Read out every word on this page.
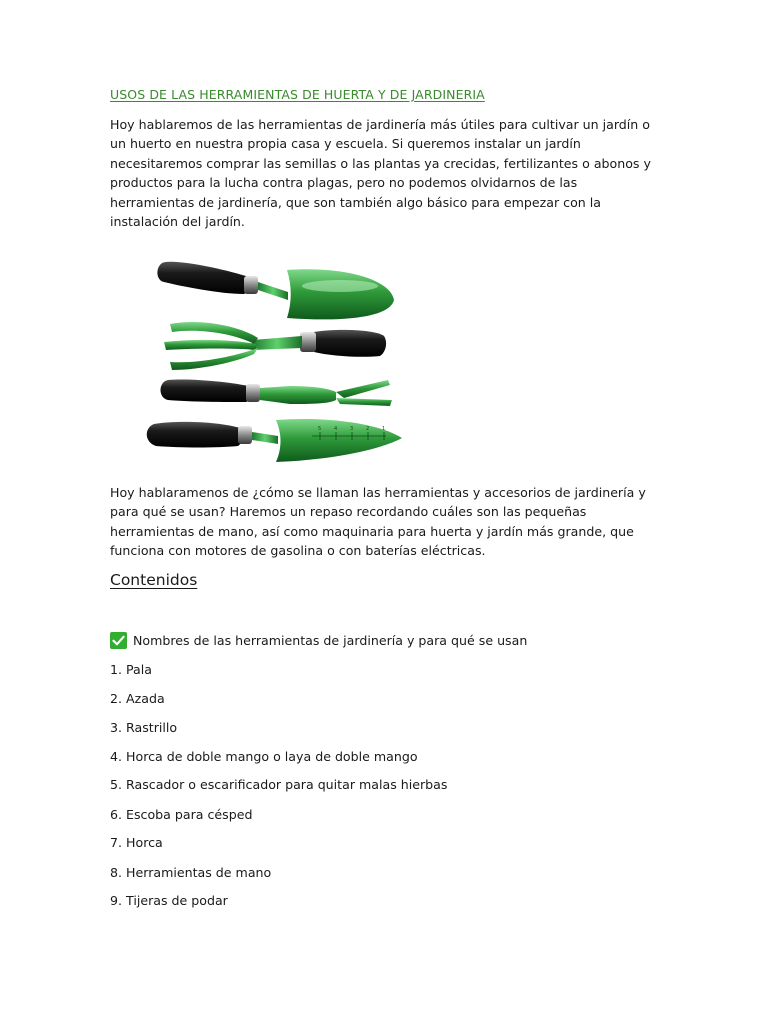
USOS DE LAS HERRAMIENTAS DE HUERTA Y DE JARDINERIA
Hoy hablaremos de las herramientas de jardinería más útiles para cultivar un jardín o
un huerto en nuestra propia casa y escuela. Si queremos instalar un jardín
necesitaremos comprar las semillas o las plantas ya crecidas, fertilizantes o abonos y
productos para la lucha contra plagas, pero no podemos olvidarnos de las
herramientas de jardinería, que son también algo básico para empezar con la
instalación del jardín.
5	4	3	2	1
Hoy hablaramenos de ¿cómo se llaman las herramientas y accesorios de jardinería y
para qué se usan? Haremos un repaso recordando cuáles son las pequeñas
herramientas de mano, así como maquinaria para huerta y jardín más grande, que
funciona con motores de gasolina o con baterías eléctricas.
Contenidos
Nombres de las herramientas de jardinería y para qué se usan
1. Pala
2. Azada
3. Rastrillo
4. Horca de doble mango o laya de doble mango
5. Rascador o escarificador para quitar malas hierbas
6. Escoba para césped
7. Horca
8. Herramientas de mano
9. Tijeras de podar
